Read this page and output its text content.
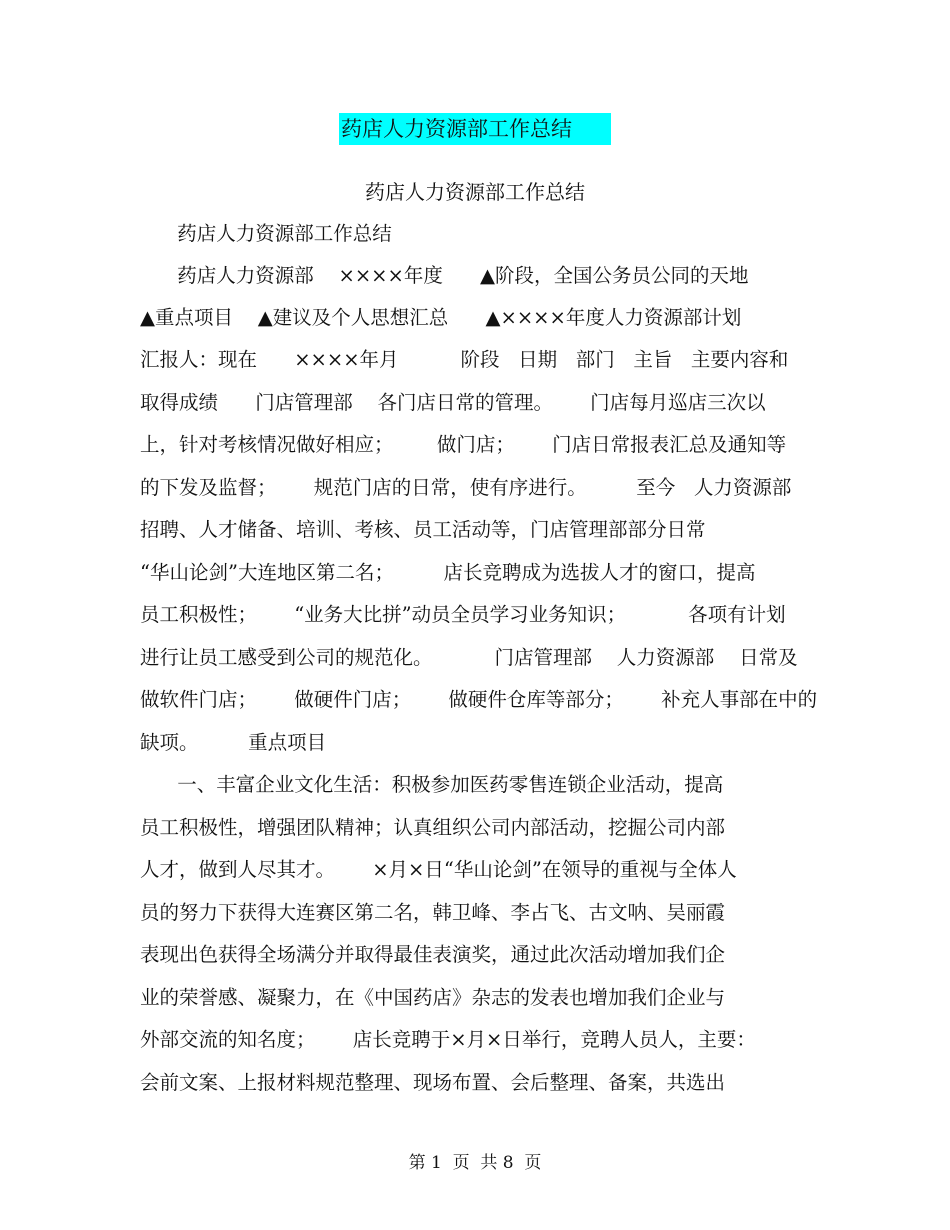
药店人力资源部工作总结
药店人力资源部工作总结
药店人力资源部工作总结
药店人力资源部    ××××年度      ▲阶段，全国公务员公同的天地
▲重点项目    ▲建议及个人思想汇总      ▲××××年度人力资源部计划
汇报人：现在      ××××年月          阶段   日期   部门   主旨   主要内容和
取得成绩      门店管理部    各门店日常的管理。      门店每月巡店三次以
上，针对考核情况做好相应；       做门店；      门店日常报表汇总及通知等
的下发及监督；      规范门店的日常，使有序进行。        至今   人力资源部
招聘、人才储备、培训、考核、员工活动等，门店管理部部分日常
“华山论剑”大连地区第二名；        店长竞聘成为选拔人才的窗口，提高
员工积极性；      “业务大比拼”动员全员学习业务知识；          各项有计划
进行让员工感受到公司的规范化。          门店管理部    人力资源部    日常及
做软件门店；      做硬件门店；      做硬件仓库等部分；      补充人事部在中的
缺项。        重点项目
一、丰富企业文化生活：积极参加医药零售连锁企业活动，提高
员工积极性，增强团队精神；认真组织公司内部活动，挖掘公司内部
人才，做到人尽其才。      ×月×日“华山论剑”在领导的重视与全体人
员的努力下获得大连赛区第二名，韩卫峰、李占飞、古文呐、吴丽霞
表现出色获得全场满分并取得最佳表演奖，通过此次活动增加我们企
业的荣誉感、凝聚力，在《中国药店》杂志的发表也增加我们企业与
外部交流的知名度；      店长竞聘于×月×日举行，竞聘人员人，主要：
会前文案、上报材料规范整理、现场布置、会后整理、备案，共选出
第 1  页  共 8  页
